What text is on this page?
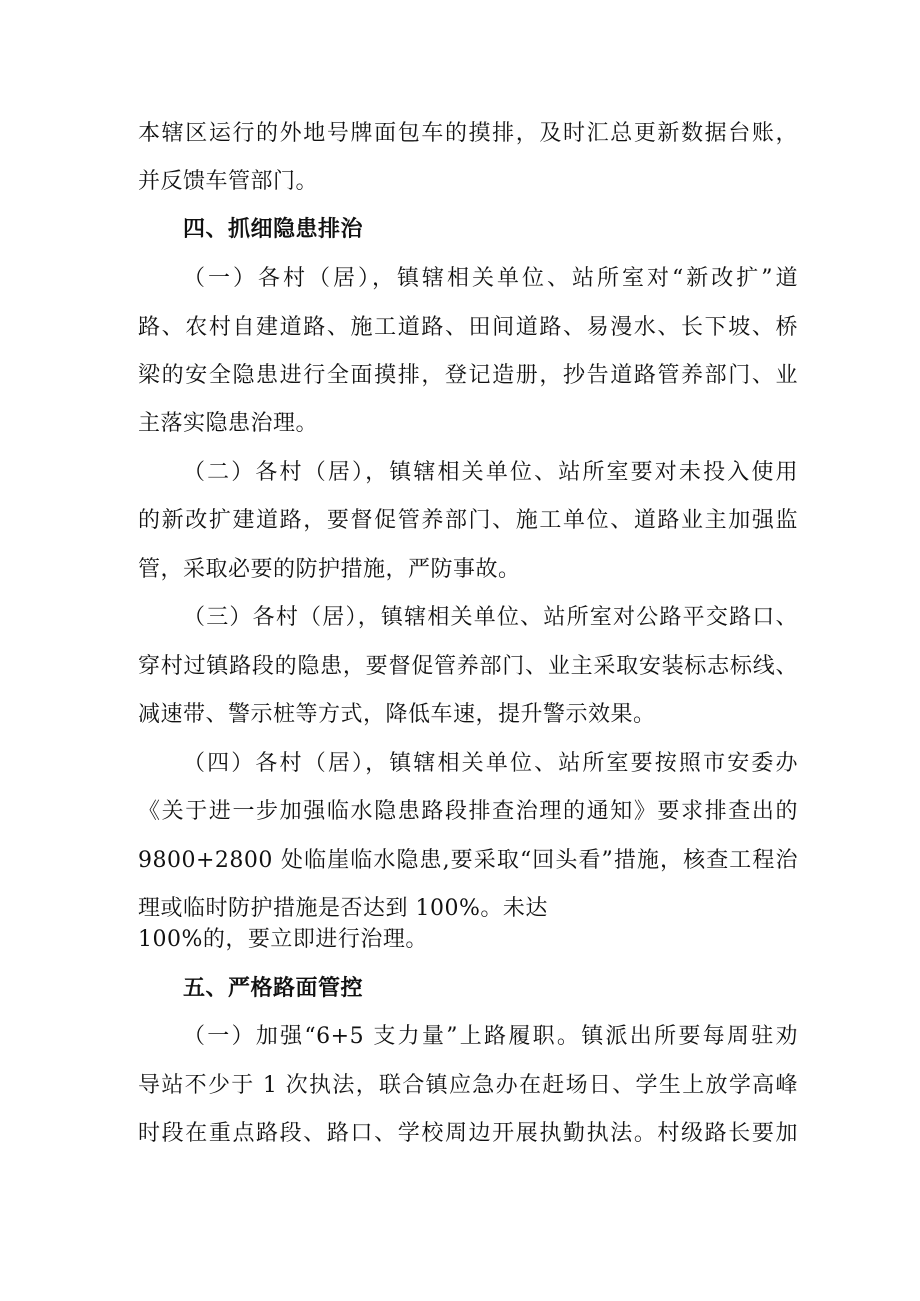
本辖区运行的外地号牌面包车的摸排，及时汇总更新数据台账，
并反馈车管部门。
四、抓细隐患排治
（一）各村（居），镇辖相关单位、站所室对“新改扩”道
路、农村自建道路、施工道路、田间道路、易漫水、长下坡、桥
梁的安全隐患进行全面摸排，登记造册，抄告道路管养部门、业
主落实隐患治理。
（二）各村（居），镇辖相关单位、站所室要对未投入使用
的新改扩建道路，要督促管养部门、施工单位、道路业主加强监
管，采取必要的防护措施，严防事故。
（三）各村（居），镇辖相关单位、站所室对公路平交路口、
穿村过镇路段的隐患，要督促管养部门、业主采取安装标志标线、
减速带、警示桩等方式，降低车速，提升警示效果。
（四）各村（居），镇辖相关单位、站所室要按照市安委办
《关于进一步加强临水隐患路段排查治理的通知》要求排查出的
9800+2800 处临崖临水隐患,要采取“回头看”措施，核查工程治
理或临时防护措施是否达到 100%。未达
100%的，要立即进行治理。
五、严格路面管控
（一）加强“6+5 支力量”上路履职。镇派出所要每周驻劝
导站不少于 1 次执法，联合镇应急办在赶场日、学生上放学高峰
时段在重点路段、路口、学校周边开展执勤执法。村级路长要加
